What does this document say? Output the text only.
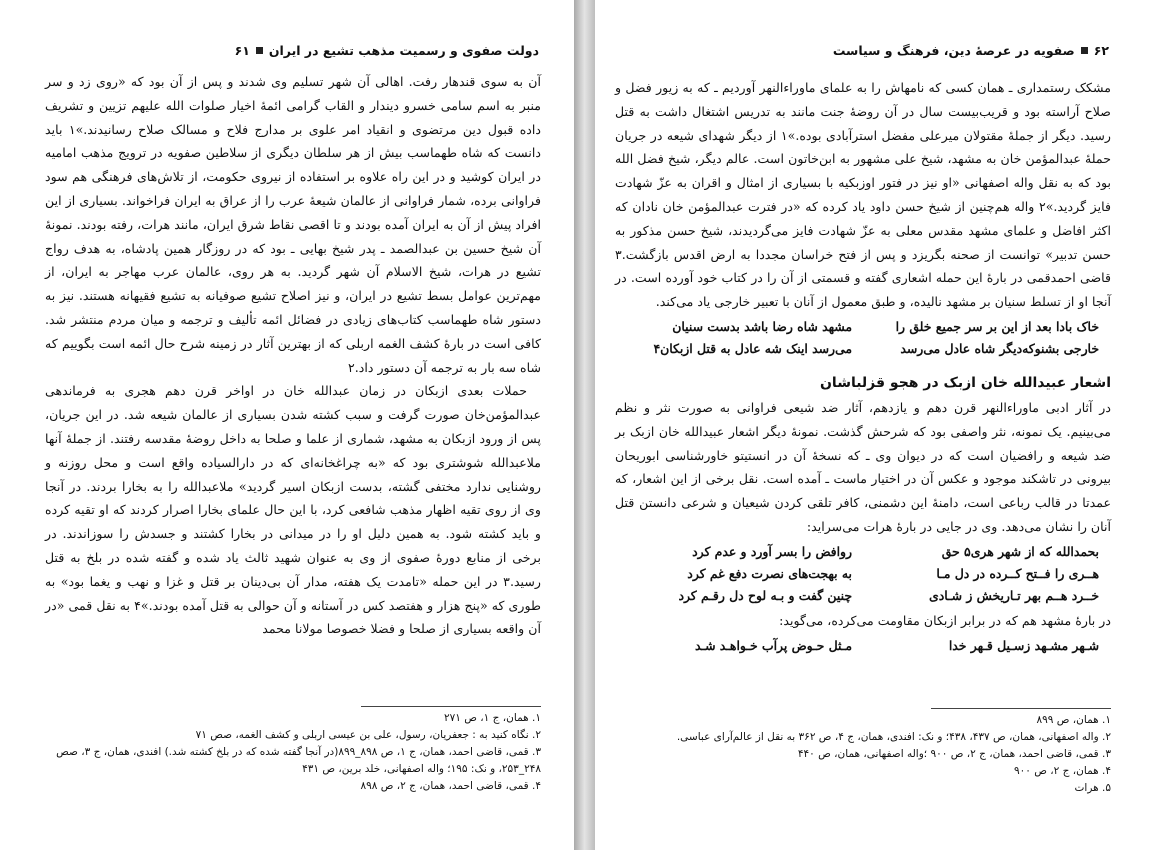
دولت صفوی و رسمیت مذهب تشیع در ایران
۶۱

آن به سوی قندهار رفت. اهالی آن شهر تسلیم وی شدند و پس از آن بود که «روی زد و سر منبر به اسم سامی خسرو دیندار و القاب گرامی ائمهٔ اخیار صلوات الله علیهم تزیین و تشریف داده قبول دین مرتضوی و انقیاد امر علوی بر مدارج فلاح و مسالک صلاح رسانیدند.»١ باید دانست که شاه طهماسب بیش از هر سلطان دیگری از سلاطین صفویه در ترویج مذهب امامیه در ایران کوشید و در این راه علاوه بر استفاده از نیروی حکومت، از تلاش‌های فرهنگی هم سود فراوانی برده، شمار فراوانی از عالمان شیعهٔ عرب را از عراق به ایران فراخواند. بسیاری از این افراد پیش از آن به ایران آمده بودند و تا اقصی نقاط شرق ایران، مانند هرات، رفته بودند. نمونهٔ آن شیخ حسین بن عبدالصمد ـ پدر شیخ بهایی ـ بود که در روزگار همین پادشاه، به هدف رواج تشیع در هرات، شیخ الاسلام آن شهر گردید. به هر روی، عالمان عرب مهاجر به ایران، از مهم‌ترین عوامل بسط تشیع در ایران، و نیز اصلاح تشیع صوفیانه به تشیع فقیهانه هستند. نیز به دستور شاه طهماسب کتاب‌های زیادی در فضائل ائمه تألیف و ترجمه و میان مردم منتشر شد. کافی است در بارهٔ کشف الغمه اربلی که از بهترین آثار در زمینه شرح حال ائمه است بگوییم که شاه سه بار به ترجمه آن دستور داد.٢

حملات بعدی ازبکان در زمان عبدالله خان در اواخر قرن دهم هجری به فرماندهی عبدالمؤمن‌خان صورت گرفت و سبب کشته شدن بسیاری از عالمان شیعه شد. در این جریان، پس از ورود ازبکان به مشهد، شماری از علما و صلحا به داخل روضهٔ مقدسه رفتند. از جملهٔ آنها ملاعبدالله شوشتری بود که «به چراغخانه‌ای که در دارالسیاده واقع است و محل روزنه و روشنایی ندارد مختفی گشته، بدست ازبکان اسیر گردید» ملاعبدالله را به بخارا بردند. در آنجا وی از روی تقیه اظهار مذهب شافعی کرد، با این حال علمای بخارا اصرار کردند که او تقیه کرده و باید کشته شود. به همین دلیل او را در میدانی در بخارا کشتند و جسدش را سوزاندند. در برخی از منابع دورهٔ صفوی از وی به عنوان شهید ثالث یاد شده و گفته شده در بلخ به قتل رسید.٣ در این حمله «تامدت یک هفته، مدار آن بی‌دینان بر قتل و غزا و نهب و یغما بود» به طوری که «پنج هزار و هفتصد کس در آستانه و آن حوالی به قتل آمده بودند.»۴ به نقل قمی «در آن واقعه بسیاری از صلحا و فضلا خصوصا مولانا محمد

١. همان، ج ١، ص ٢٧١

٢. نگاه کنید به : جعفریان، رسول، علی بن عیسی اربلی و کشف الغمه، صص ٧١

٣. قمی، قاضی احمد، همان، ج ١، ص ٨٩٨_٨٩٩(در آنجا گفته شده که در بلخ کشته شد.) افندی، همان، ج ٣، صص ٢۴٨_٢۵٣، و نک: ١٩۵؛ واله اصفهانی، خلد برین، ص ۴٣١

۴. قمی، قاضی احمد، همان، ج ٢، ص ٨٩٨

۶۲
صفویه در عرصهٔ دین، فرهنگ و سیاست

مشکک رستمداری ـ همان کسی که نامهاش را به علمای ماوراءالنهر آوردیم ـ که به زیور فضل و صلاح آراسته بود و قریب‌بیست سال در آن روضهٔ جنت مانند به تدریس اشتغال داشت به قتل رسید. دیگر از جملهٔ مقتولان میرعلی مفضل استرآبادی بوده.»١ از دیگر شهدای شیعه در جریان حملهٔ عبدالمؤمن خان به مشهد، شیخ علی مشهور به ابن‌خاتون است. عالم دیگر، شیخ فضل الله بود که به نقل واله اصفهانی «او نیز در فتور اوزبکیه با بسیاری از امثال و اقران به عزّ شهادت فایز گردید.»٢ واله هم‌چنین از شیخ حسن داود یاد کرده که «در فترت عبدالمؤمن خان نادان که اکثر افاضل و علمای مشهد مقدس معلی به عزّ شهادت فایز می‌گردیدند، شیخ حسن مذکور به حسن تدبیر» توانست از صحنه بگریزد و پس از فتح خراسان مجددا به ارض اقدس بازگشت.٣ قاضی احمدقمی در بارهٔ این حمله اشعاری گفته و قسمتی از آن را در کتاب خود آورده است. در آنجا او از تسلط سنیان بر مشهد نالیده، و طبق معمول از آنان با تعبیر خارجی یاد می‌کند.

خاک بادا بعد از این بر سر جمیع خلق را
مشهد شاه رضا باشد بدست سنیان
خارجی بشنوکه‌دیگر شاه عادل می‌رسد
می‌رسد اینک شه عادل به قتل ازبکان۴
اشعار عبیدالله خان ازبک در هجو قزلباشان

در آثار ادبی ماوراءالنهر قرن دهم و یازدهم، آثار ضد شیعی فراوانی به صورت نثر و نظم می‌بینیم. یک نمونه، نثر واصفی بود که شرحش گذشت. نمونهٔ دیگر اشعار عبیدالله خان ازبک بر ضد شیعه و رافضیان است که در دیوان وی ـ که نسخهٔ آن در انستیتو خاورشناسی ابوریحان بیرونی در تاشکند موجود و عکس آن در اختیار ماست ـ آمده است. نقل برخی از این اشعار، که عمدتا در قالب رباعی است، دامنهٔ این دشمنی، کافر تلقی کردن شیعیان و شرعی دانستن قتل آنان را نشان می‌دهد. وی در جایی در بارهٔ هرات می‌سراید:

بحمدالله که از شهر هری۵ حق
روافض را بسر آورد و عدم کرد
هــری را فــتح کــرده در دل مـا
به بهجت‌های نصرت دفع غم کرد
خــرد هــم بهر تـاریخش ز شـادی
چنین گفت و بـه لوح دل رقـم کرد

در بارهٔ مشهد هم که در برابر ازبکان مقاومت می‌کرده، می‌گوید:

شـهر مشـهد زسـیل قـهر خدا
مـثل حـوض پرآب خـواهـد شـد

١. همان، ص ٨٩٩

٢. واله اصفهانی، همان، ص ۴٣٧، ۴٣٨؛ و نک: افندی، همان، ج ۴، ص ٣۶٢ به نقل از عالم‌آرای عباسی.

٣. قمی، قاضی احمد، همان، ج ٢، ص ٩٠٠ ؛واله اصفهانی، همان، ص ۴۴٠

۴. همان، ج ٢، ص ٩٠٠

۵. هرات
